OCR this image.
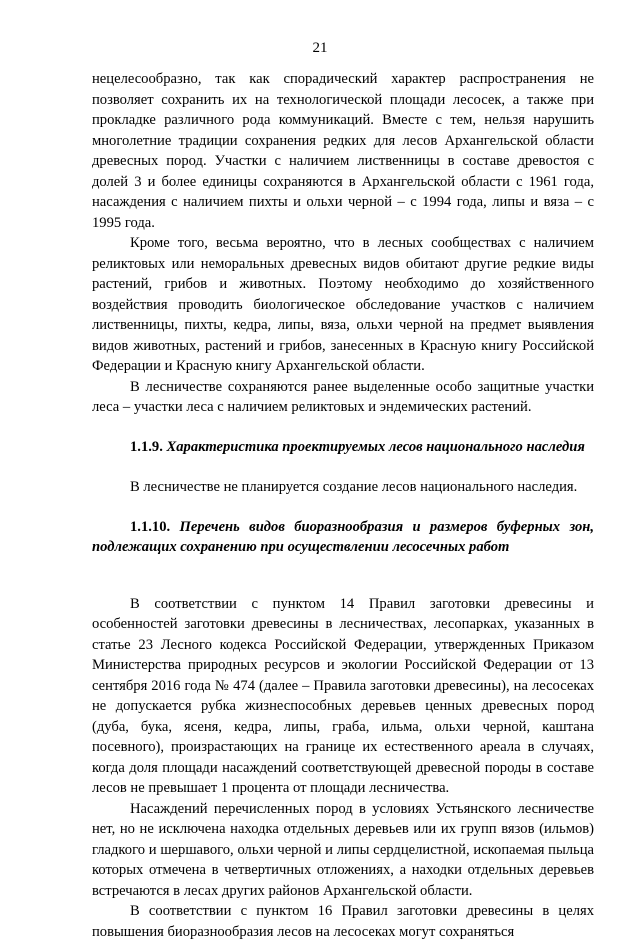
21

нецелесообразно, так как спорадический характер распространения не позволяет сохранить их на технологической площади лесосек, а также при прокладке различного рода коммуникаций. Вместе с тем, нельзя нарушить многолетние традиции сохранения редких для лесов Архангельской области древесных пород. Участки с наличием лиственницы в составе древостоя с долей 3 и более единицы сохраняются в Архангельской области с 1961 года, насаждения с наличием пихты и ольхи черной – с 1994 года, липы и вяза – с 1995 года.

Кроме того, весьма вероятно, что в лесных сообществах с наличием реликтовых или неморальных древесных видов обитают другие редкие виды растений, грибов и животных. Поэтому необходимо до хозяйственного воздействия проводить биологическое обследование участков с наличием лиственницы, пихты, кедра, липы, вяза, ольхи черной на предмет выявления видов животных, растений и грибов, занесенных в Красную книгу Российской Федерации и Красную книгу Архангельской области.

В лесничестве сохраняются ранее выделенные особо защитные участки леса – участки леса с наличием реликтовых и эндемических растений.

1.1.9. Характеристика проектируемых лесов национального наследия

В лесничестве не планируется создание лесов национального наследия.

1.1.10. Перечень видов биоразнообразия и размеров буферных зон, подлежащих сохранению при осуществлении лесосечных работ

В соответствии с пунктом 14 Правил заготовки древесины и особенностей заготовки древесины в лесничествах, лесопарках, указанных в статье 23 Лесного кодекса Российской Федерации, утвержденных Приказом Министерства природных ресурсов и экологии Российской Федерации от 13 сентября 2016 года № 474 (далее – Правила заготовки древесины), на лесосеках не допускается рубка жизнеспособных деревьев ценных древесных пород (дуба, бука, ясеня, кедра, липы, граба, ильма, ольхи черной, каштана посевного), произрастающих на границе их естественного ареала в случаях, когда доля площади насаждений соответствующей древесной породы в составе лесов не превышает 1 процента от площади лесничества.

Насаждений перечисленных пород в условиях Устьянского лесничестве нет, но не исключена находка отдельных деревьев или их групп вязов (ильмов) гладкого и шершавого, ольхи черной и липы сердцелистной, ископаемая пыльца которых отмечена в четвертичных отложениях, а находки отдельных деревьев встречаются в лесах других районов Архангельской области.

В соответствии с пунктом 16 Правил заготовки древесины в целях повышения биоразнообразия лесов на лесосеках могут сохраняться
